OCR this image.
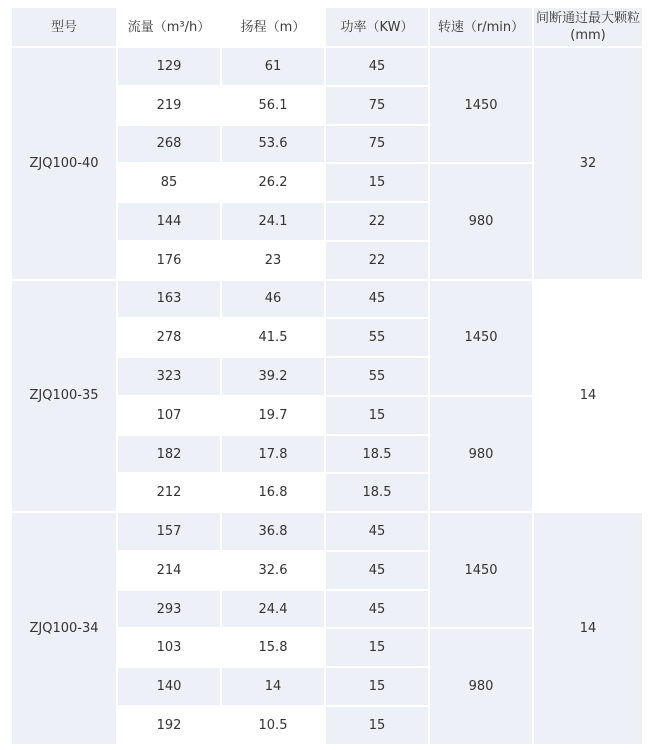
型号	流量（m³/h）	扬程（m）	功率（KW）	转速（r/min）	间断通过最大颗粒(mm)
ZJQ100-40	129	61	45	1450	32
	219	56.1	75		
	268	53.6	75		
	85	26.2	15	980	
	144	24.1	22		
	176	23	22		
ZJQ100-35	163	46	45	1450	14
	278	41.5	55		
	323	39.2	55		
	107	19.7	15	980	
	182	17.8	18.5		
	212	16.8	18.5		
ZJQ100-34	157	36.8	45	1450	14
	214	32.6	45		
	293	24.4	45		
	103	15.8	15	980	
	140	14	15		
	192	10.5	15		
